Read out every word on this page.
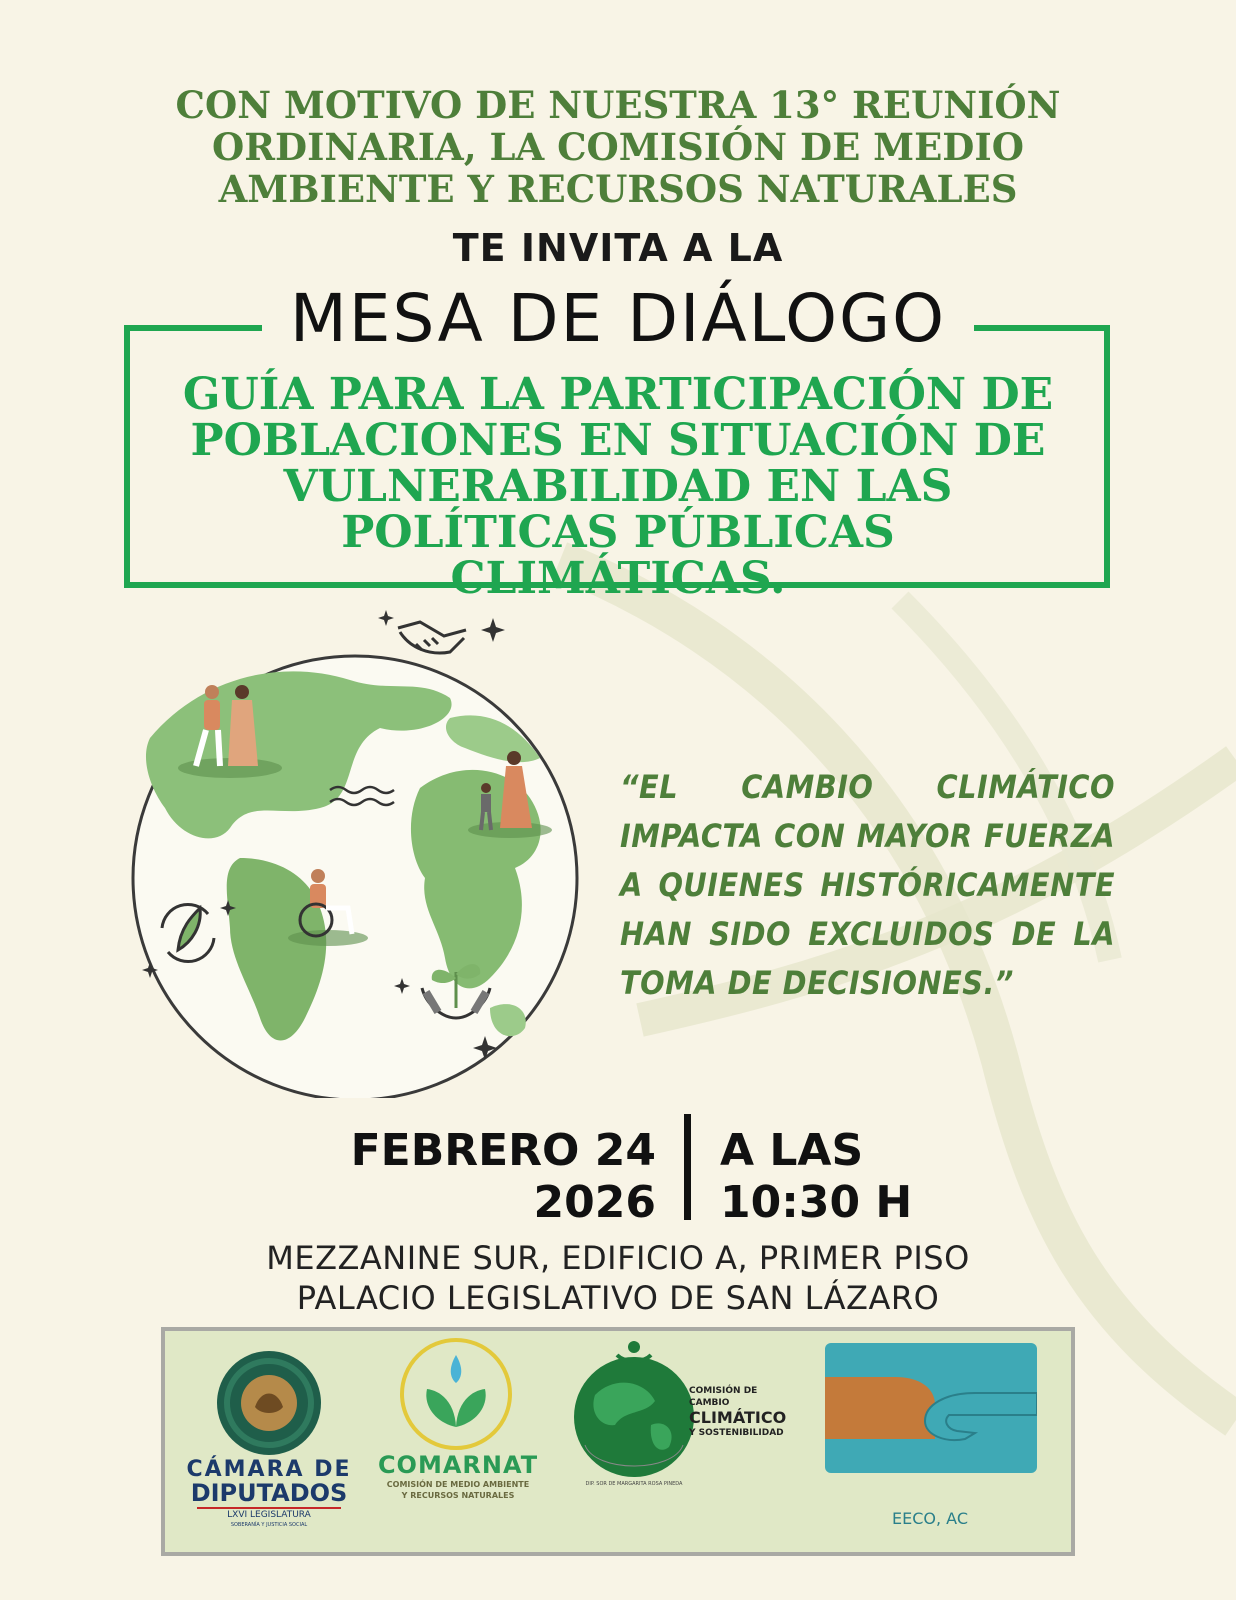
CON MOTIVO DE NUESTRA 13° REUNIÓN
ORDINARIA, LA COMISIÓN DE MEDIO
AMBIENTE Y RECURSOS NATURALES
TE INVITA A LA
MESA DE DIÁLOGO
GUÍA PARA LA PARTICIPACIÓN DE
POBLACIONES EN SITUACIÓN DE
VULNERABILIDAD EN LAS
POLÍTICAS PÚBLICAS CLIMÁTICAS.
“EL CAMBIO CLIMÁTICO IMPACTA CON MAYOR FUERZA A QUIENES HISTÓRICAMENTE HAN SIDO EXCLUIDOS DE LA TOMA DE DECISIONES.”
FEBRERO 24
2026
A LAS
10:30 H
MEZZANINE SUR, EDIFICIO A, PRIMER PISO
PALACIO LEGISLATIVO DE SAN LÁZARO
CÁMARA DE
DIPUTADOS
LXVI LEGISLATURA
SOBERANÍA Y JUSTICIA SOCIAL
COMARNAT
COMISIÓN DE MEDIO AMBIENTE
Y RECURSOS NATURALES
COMISIÓN DE CAMBIO
CLIMÁTICO
Y SOSTENIBILIDAD
DIP. SOR DE MARGARITA ROSA PINEDA
EECO, AC
